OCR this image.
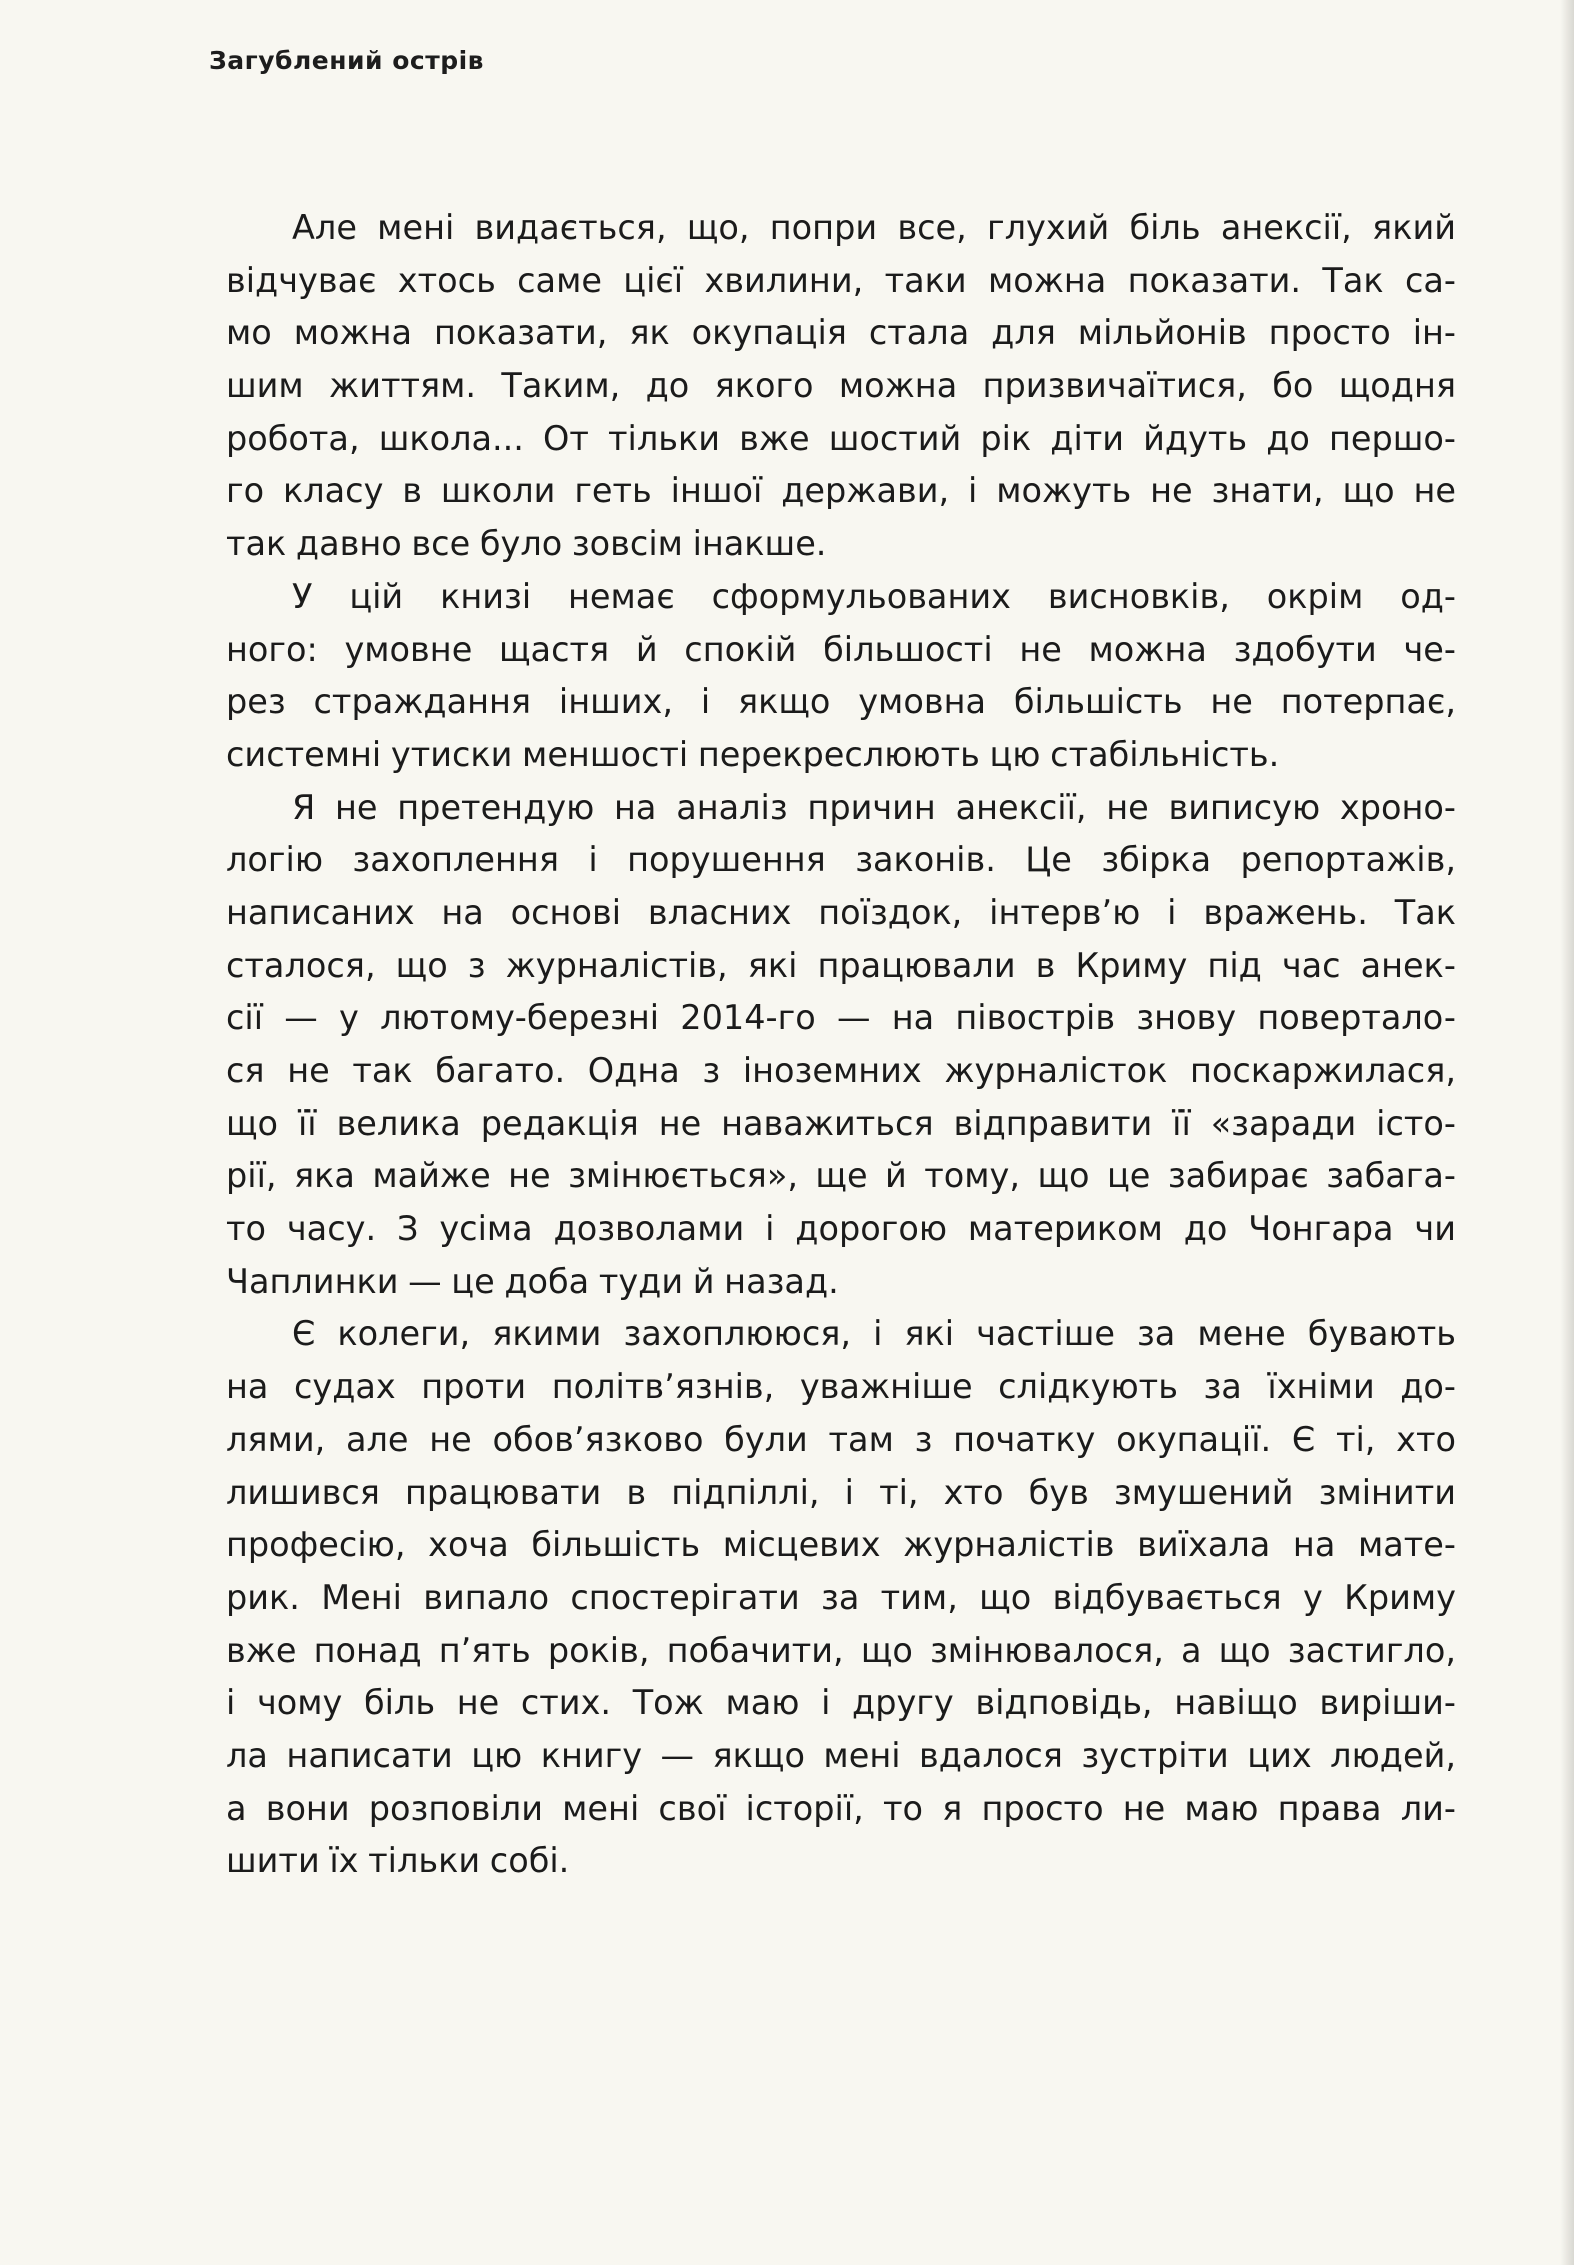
Загублений острів

Але мені видається, що, попри все, глухий біль анексії, який
відчуває хтось саме цієї хвилини, таки можна показати. Так са-
мо можна показати, як окупація стала для мільйонів просто ін-
шим життям. Таким, до якого можна призвичаїтися, бо щодня
робота, школа... От тільки вже шостий рік діти йдуть до першо-
го класу в школи геть іншої держави, і можуть не знати, що не
так давно все було зовсім інакше.

У цій книзі немає сформульованих висновків, окрім од-
ного: умовне щастя й спокій більшості не можна здобути че-
рез страждання інших, і якщо умовна більшість не потерпає,
системні утиски меншості перекреслюють цю стабільність.

Я не претендую на аналіз причин анексії, не виписую хроно-
логію захоплення і порушення законів. Це збірка репортажів,
написаних на основі власних поїздок, інтерв’ю і вражень. Так
сталося, що з журналістів, які працювали в Криму під час анек-
сії — у лютому-березні 2014-го — на півострів знову поверталo-
ся не так багато. Одна з іноземних журналісток поскаржилася,
що її велика редакція не наважиться відправити її «заради істо-
рії, яка майже не змінюється», ще й тому, що це забирає забага-
то часу. З усіма дозволами і дорогою материком до Чонгара чи
Чаплинки — це доба туди й назад.

Є колеги, якими захоплююся, і які частіше за мене бувають
на судах проти політв’язнів, уважніше слідкують за їхніми до-
лями, але не обов’язково були там з початку окупації. Є ті, хто
лишився працювати в підпіллі, і ті, хто був змушений змінити
професію, хоча більшість місцевих журналістів виїхала на мате-
рик. Мені випало спостерігати за тим, що відбувається у Криму
вже понад п’ять років, побачити, що змінювалося, а що застигло,
і чому біль не стих. Тож маю і другу відповідь, навіщо виріши-
ла написати цю книгу — якщо мені вдалося зустріти цих людей,
а вони розповіли мені свої історії, то я просто не маю права ли-
шити їх тільки собі.
